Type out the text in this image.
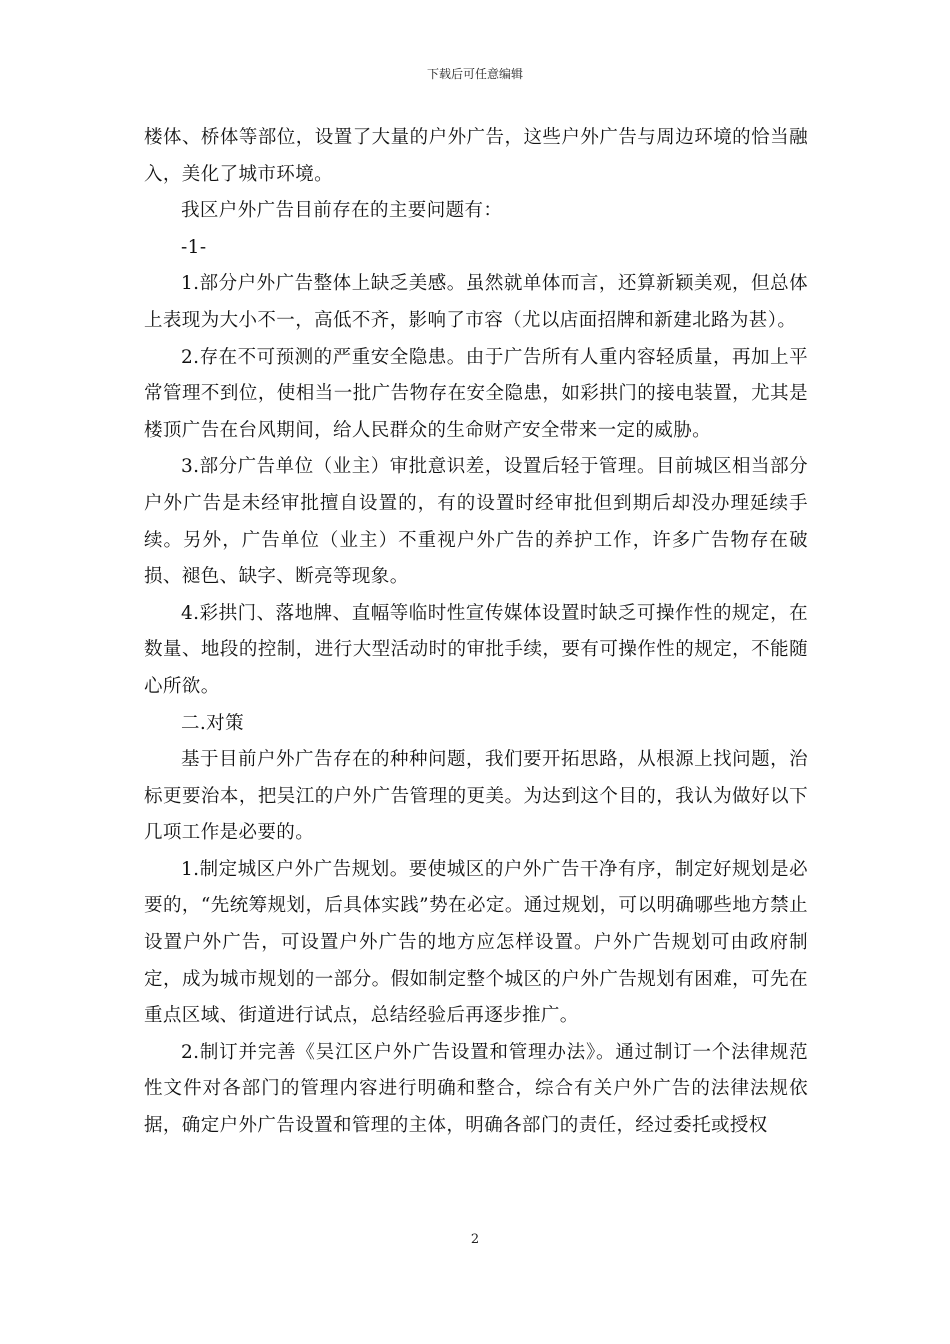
下载后可任意编辑

楼体、桥体等部位，设置了大量的户外广告，这些户外广告与周边环境的恰当融入，美化了城市环境。

我区户外广告目前存在的主要问题有：

-1-

1.部分户外广告整体上缺乏美感。虽然就单体而言，还算新颖美观，但总体上表现为大小不一，高低不齐，影响了市容（尤以店面招牌和新建北路为甚）。

2.存在不可预测的严重安全隐患。由于广告所有人重内容轻质量，再加上平常管理不到位，使相当一批广告物存在安全隐患，如彩拱门的接电装置，尤其是楼顶广告在台风期间，给人民群众的生命财产安全带来一定的威胁。

3.部分广告单位（业主）审批意识差，设置后轻于管理。目前城区相当部分户外广告是未经审批擅自设置的，有的设置时经审批但到期后却没办理延续手续。另外，广告单位（业主）不重视户外广告的养护工作，许多广告物存在破损、褪色、缺字、断亮等现象。

4.彩拱门、落地牌、直幅等临时性宣传媒体设置时缺乏可操作性的规定，在数量、地段的控制，进行大型活动时的审批手续，要有可操作性的规定，不能随心所欲。

二.对策

基于目前户外广告存在的种种问题，我们要开拓思路，从根源上找问题，治标更要治本，把吴江的户外广告管理的更美。为达到这个目的，我认为做好以下几项工作是必要的。

1.制定城区户外广告规划。要使城区的户外广告干净有序，制定好规划是必要的，“先统筹规划，后具体实践”势在必定。通过规划，可以明确哪些地方禁止设置户外广告，可设置户外广告的地方应怎样设置。户外广告规划可由政府制定，成为城市规划的一部分。假如制定整个城区的户外广告规划有困难，可先在重点区域、街道进行试点，总结经验后再逐步推广。

2.制订并完善《吴江区户外广告设置和管理办法》。通过制订一个法律规范性文件对各部门的管理内容进行明确和整合，综合有关户外广告的法律法规依据，确定户外广告设置和管理的主体，明确各部门的责任，经过委托或授权

2
